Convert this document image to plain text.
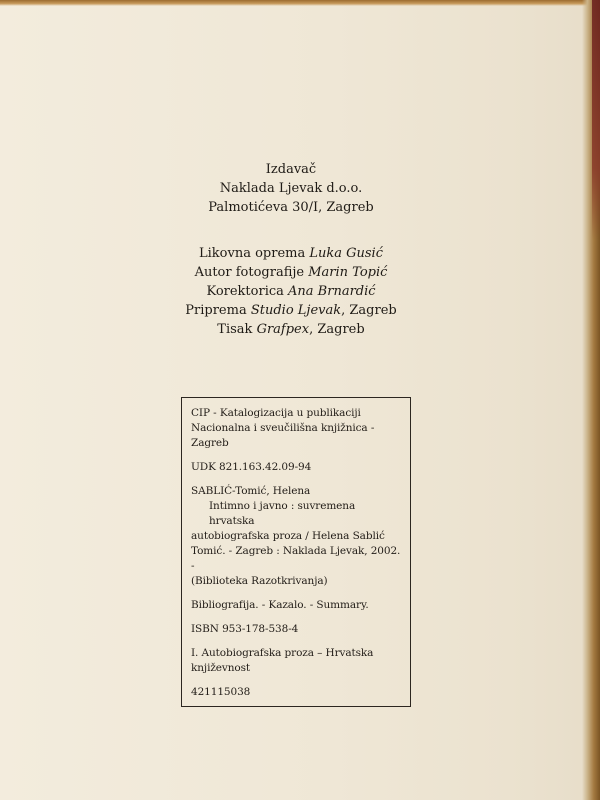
Izdavač
Naklada Ljevak d.o.o.
Palmotićeva 30/I, Zagreb
Likovna oprema Luka Gusić
Autor fotografije Marin Topić
Korektorica Ana Brnardić
Priprema Studio Ljevak, Zagreb
Tisak Grafpex, Zagreb

CIP - Katalogizacija u publikaciji

Nacionalna i sveučilišna knjižnica - Zagreb

UDK 821.163.42.09-94

SABLIĆ-Tomić, Helena

Intimno i javno : suvremena hrvatska

autobiografska proza / Helena Sablić

Tomić. - Zagreb : Naklada Ljevak, 2002. -

(Biblioteka Razotkrivanja)

Bibliografija. - Kazalo. - Summary.

ISBN 953-178-538-4

I. Autobiografska proza – Hrvatska

književnost

421115038
